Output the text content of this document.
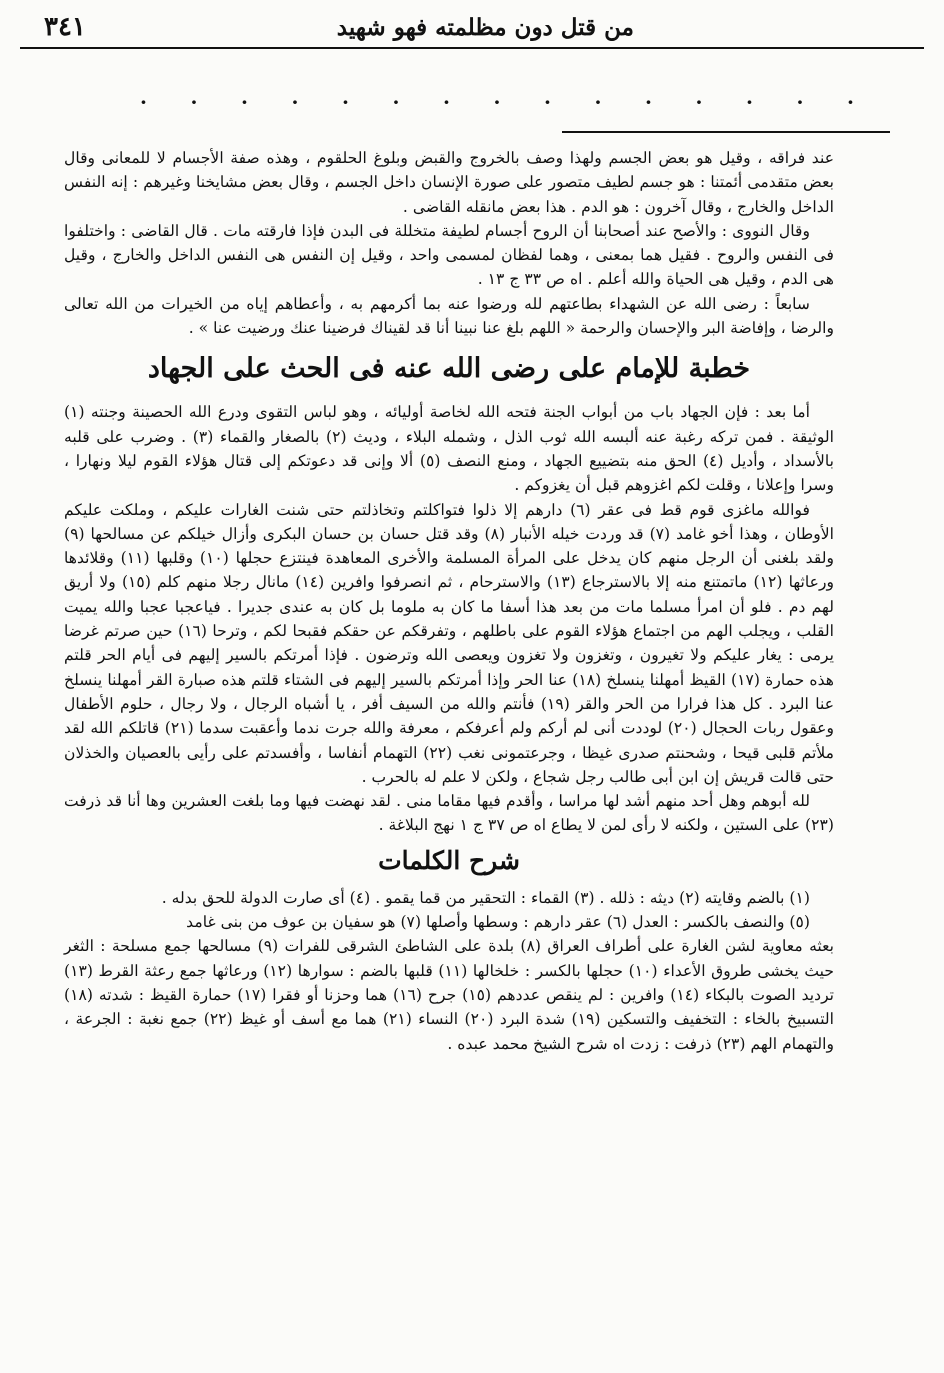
من قتل دون مظلمته فهو شهيد
٣٤١
· · · · · · · · · · · · · · ·

عند فراقه ، وقيل هو بعض الجسم ولهذا وصف بالخروج والقبض وبلوغ الحلقوم ، وهذه صفة الأجسام لا للمعانى وقال بعض متقدمى أئمتنا : هو جسم لطيف متصور على صورة الإنسان داخل الجسم ، وقال بعض مشايخنا وغيرهم : إنه النفس الداخل والخارج ، وقال آخرون : هو الدم . هذا بعض مانقله القاضى .

وقال النووى : والأصح عند أصحابنا أن الروح أجسام لطيفة متخللة فى البدن فإذا فارقته مات . قال القاضى : واختلفوا فى النفس والروح . فقيل هما بمعنى ، وهما لفظان لمسمى واحد ، وقيل إن النفس هى النفس الداخل والخارج ، وقيل هى الدم ، وقيل هى الحياة والله أعلم . اه ص ٣٣ ج ١٣ .

سابعاً : رضى الله عن الشهداء بطاعتهم لله ورضوا عنه بما أكرمهم به ، وأعطاهم إياه من الخيرات من الله تعالى والرضا ، وإفاضة البر والإحسان والرحمة « اللهم بلغ عنا نبينا أنا قد لقيناك فرضينا عنك ورضيت عنا » .

خطبة للإمام على رضى الله عنه فى الحث على الجهاد

أما بعد : فإن الجهاد باب من أبواب الجنة فتحه الله لخاصة أوليائه ، وهو لباس التقوى ودرع الله الحصينة وجنته (١) الوثيقة . فمن تركه رغبة عنه ألبسه الله ثوب الذل ، وشمله البلاء ، وديث (٢) بالصغار والقماء (٣) . وضرب على قلبه بالأسداد ، وأديل (٤) الحق منه بتضييع الجهاد ، ومنع النصف (٥) ألا وإنى قد دعوتكم إلى قتال هؤلاء القوم ليلا ونهارا ، وسرا وإعلانا ، وقلت لكم اغزوهم قبل أن يغزوكم .

فوالله ماغزى قوم قط فى عقر (٦) دارهم إلا ذلوا فتواكلتم وتخاذلتم حتى شنت الغارات عليكم ، وملكت عليكم الأوطان ، وهذا أخو غامد (٧) قد وردت خيله الأنبار (٨) وقد قتل حسان بن حسان البكرى وأزال خيلكم عن مسالحها (٩) ولقد بلغنى أن الرجل منهم كان يدخل على المرأة المسلمة والأخرى المعاهدة فينتزع حجلها (١٠) وقلبها (١١) وقلائدها ورعاثها (١٢) ماتمتنع منه إلا بالاسترجاع (١٣) والاسترحام ، ثم انصرفوا وافرين (١٤) مانال رجلا منهم كلم (١٥) ولا أريق لهم دم . فلو أن امرأ مسلما مات من بعد هذا أسفا ما كان به ملوما بل كان به عندى جديرا . فياعجبا عجبا والله يميت القلب ، ويجلب الهم من اجتماع هؤلاء القوم على باطلهم ، وتفرقكم عن حقكم فقبحا لكم ، وترحا (١٦) حين صرتم غرضا يرمى : يغار عليكم ولا تغيرون ، وتغزون ولا تغزون ويعصى الله وترضون . فإذا أمرتكم بالسير إليهم فى أيام الحر قلتم هذه حمارة (١٧) القيظ أمهلنا ينسلخ (١٨) عنا الحر وإذا أمرتكم بالسير إليهم فى الشتاء قلتم هذه صبارة القر أمهلنا ينسلخ عنا البرد . كل هذا فرارا من الحر والقر (١٩) فأنتم والله من السيف أفر ، يا أشباه الرجال ، ولا رجال ، حلوم الأطفال وعقول ربات الحجال (٢٠) لوددت أنى لم أركم ولم أعرفكم ، معرفة والله جرت ندما وأعقبت سدما (٢١) قاتلكم الله لقد ملأتم قلبى قيحا ، وشحنتم صدرى غيظا ، وجرعتمونى نغب (٢٢) التهمام أنفاسا ، وأفسدتم على رأيى بالعصيان والخذلان حتى قالت قريش إن ابن أبى طالب رجل شجاع ، ولكن لا علم له بالحرب .

لله أبوهم وهل أحد منهم أشد لها مراسا ، وأقدم فيها مقاما منى . لقد نهضت فيها وما بلغت العشرين وها أنا قد ذرفت (٢٣) على الستين ، ولكنه لا رأى لمن لا يطاع اه ص ٣٧ ج ١ نهج البلاغة .

شرح الكلمات

(١) بالضم وقايته (٢) ديثه : ذلله . (٣) القماء : التحقير من قما يقمو . (٤) أى صارت الدولة للحق بدله .

(٥) والنصف بالكسر : العدل (٦) عقر دارهم : وسطها وأصلها (٧) هو سفيان بن عوف من بنى غامد

بعثه معاوية لشن الغارة على أطراف العراق (٨) بلدة على الشاطئ الشرقى للفرات (٩) مسالحها جمع مسلحة : الثغر حيث يخشى طروق الأعداء (١٠) حجلها بالكسر : خلخالها (١١) قلبها بالضم : سوارها (١٢) ورعاثها جمع رعثة القرط (١٣) ترديد الصوت بالبكاء (١٤) وافرين : لم ينقص عددهم (١٥) جرح (١٦) هما وحزنا أو فقرا (١٧) حمارة القيظ : شدته (١٨) التسبيخ بالخاء : التخفيف والتسكين (١٩) شدة البرد (٢٠) النساء (٢١) هما مع أسف أو غيظ (٢٢) جمع نغبة : الجرعة ، والتهمام الهم (٢٣) ذرفت : زدت اه شرح الشيخ محمد عبده .
